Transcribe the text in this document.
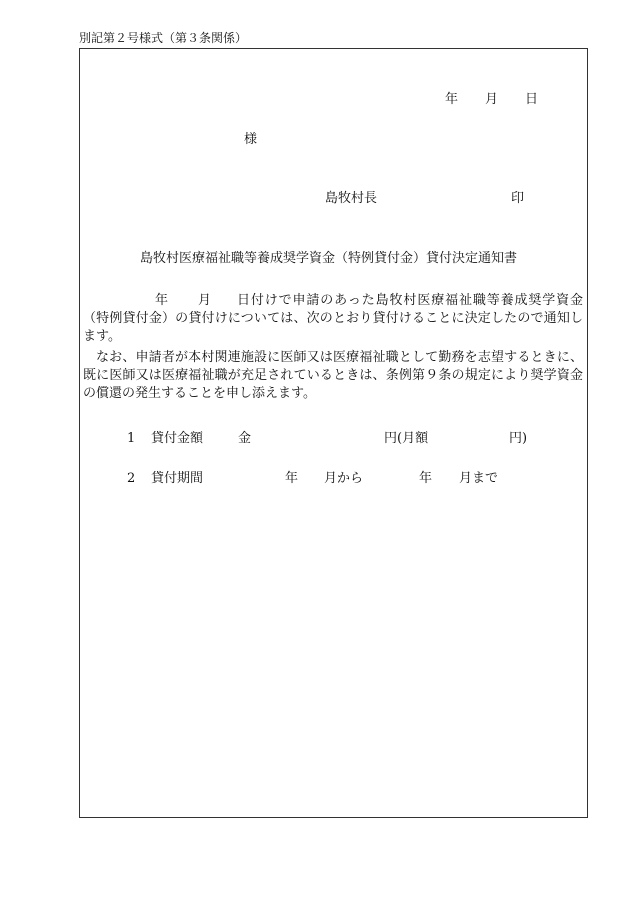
別記第２号様式（第３条関係）
年 月 日
様
島牧村長	印
島牧村医療福祉職等養成奨学資金（特例貸付金）貸付決定通知書
年 月	日付けで申請のあった島牧村医療福祉職等養成奨学資金（特例貸付金）の貸付けについては、次のとおり貸付けることに決定したので通知します。
なお、申請者が本村関連施設に医師又は医療福祉職として勤務を志望するときに、既に医師又は医療福祉職が充足されているときは、条例第９条の規定により奨学資金の償還の発生することを申し添えます。
1 貸付金額	金	円(月額	円)
2 貸付期間	年 月から	年 月まで
